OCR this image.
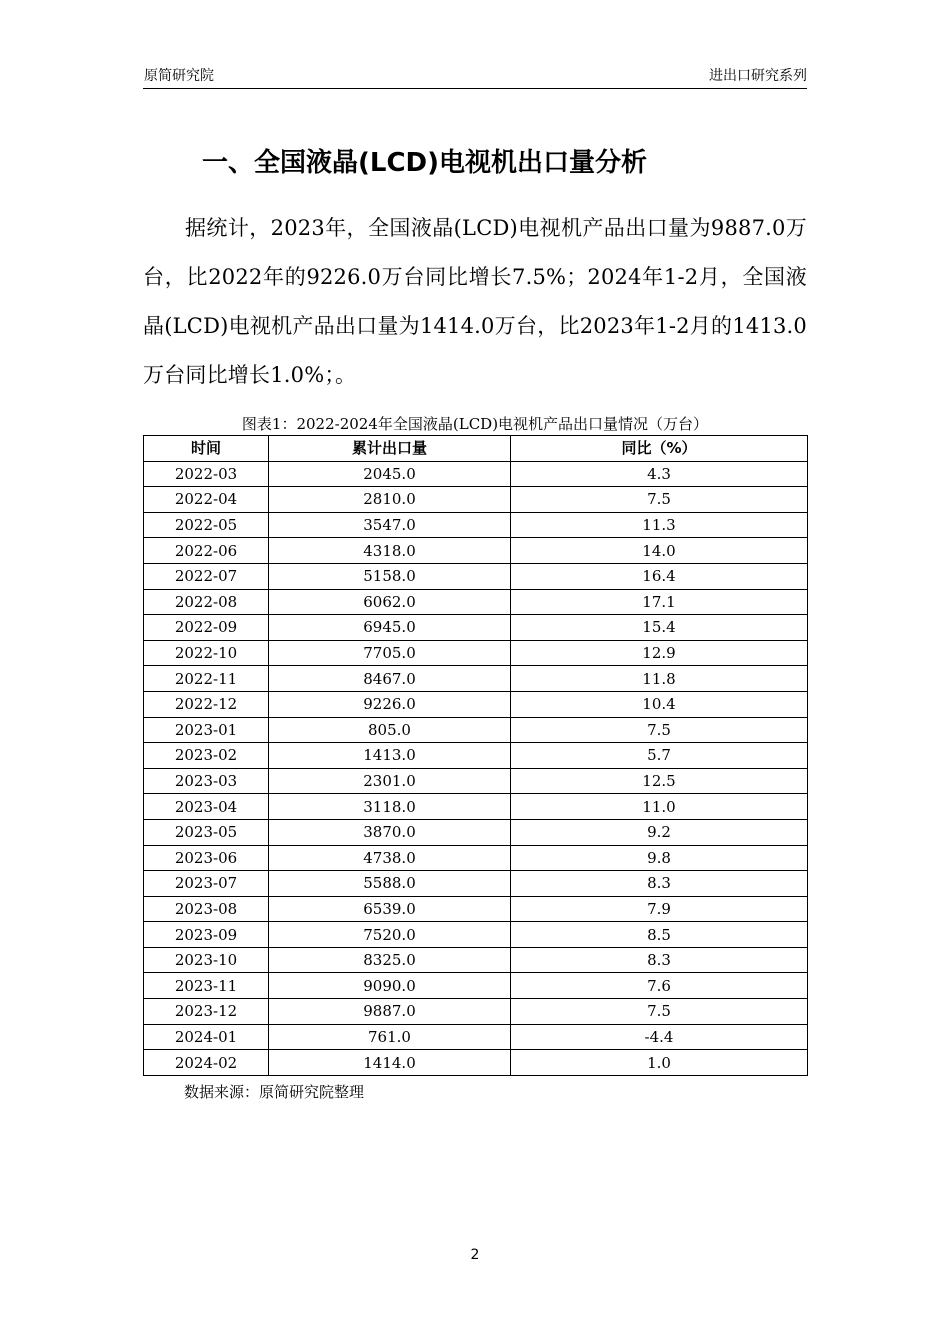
原简研究院	进出口研究系列
一、全国液晶(LCD)电视机出口量分析

据统计，2023年，全国液晶(LCD)电视机产品出口量为9887.0万台，比2022年的9226.0万台同比增长7.5%；2024年1-2月，全国液晶(LCD)电视机产品出口量为1414.0万台，比2023年1-2月的1413.0万台同比增长1.0%；。

图表1：2022-2024年全国液晶(LCD)电视机产品出口量情况（万台）

时间	累计出口量	同比（%）
2022-03	2045.0	4.3
2022-04	2810.0	7.5
2022-05	3547.0	11.3
2022-06	4318.0	14.0
2022-07	5158.0	16.4
2022-08	6062.0	17.1
2022-09	6945.0	15.4
2022-10	7705.0	12.9
2022-11	8467.0	11.8
2022-12	9226.0	10.4
2023-01	805.0	7.5
2023-02	1413.0	5.7
2023-03	2301.0	12.5
2023-04	3118.0	11.0
2023-05	3870.0	9.2
2023-06	4738.0	9.8
2023-07	5588.0	8.3
2023-08	6539.0	7.9
2023-09	7520.0	8.5
2023-10	8325.0	8.3
2023-11	9090.0	7.6
2023-12	9887.0	7.5
2024-01	761.0	-4.4
2024-02	1414.0	1.0

数据来源：原简研究院整理

2
